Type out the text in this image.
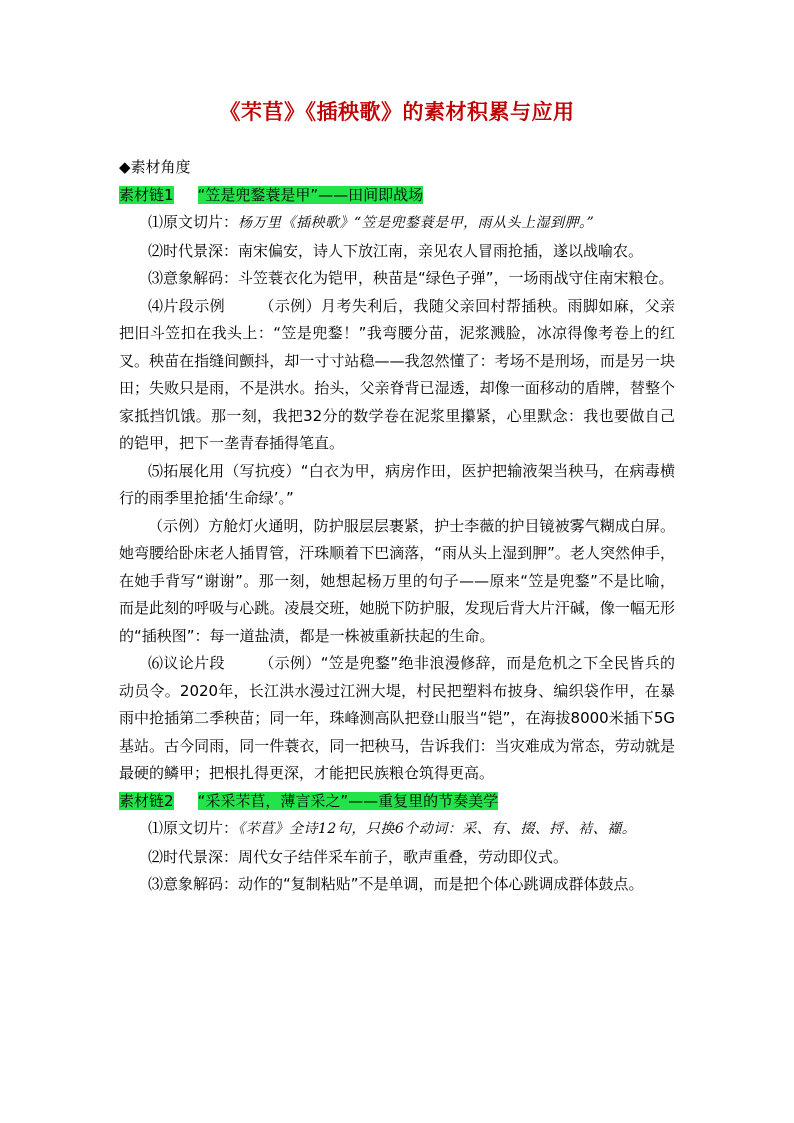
《芣苢》《插秧歌》的素材积累与应用
◆素材角度
素材链1 “笠是兜鍪蓑是甲”——田间即战场

⑴原文切片：杨万里《插秧歌》“笠是兜鍪蓑是甲，雨从头上湿到胛。”

⑵时代景深：南宋偏安，诗人下放江南，亲见农人冒雨抢插，遂以战喻农。

⑶意象解码：斗笠蓑衣化为铠甲，秧苗是“绿色子弹”，一场雨战守住南宋粮仓。

⑷片段示例 （示例）月考失利后，我随父亲回村帮插秧。雨脚如麻，父亲把旧斗笠扣在我头上：“笠是兜鍪！”我弯腰分苗，泥浆溅脸，冰凉得像考卷上的红叉。秧苗在指缝间颤抖，却一寸寸站稳——我忽然懂了：考场不是刑场，而是另一块田；失败只是雨，不是洪水。抬头，父亲脊背已湿透，却像一面移动的盾牌，替整个家抵挡饥饿。那一刻，我把32分的数学卷在泥浆里攥紧，心里默念：我也要做自己的铠甲，把下一垄青春插得笔直。

⑸拓展化用（写抗疫）“白衣为甲，病房作田，医护把输液架当秧马，在病毒横行的雨季里抢插‘生命绿’。”

（示例）方舱灯火通明，防护服层层裹紧，护士李薇的护目镜被雾气糊成白屏。她弯腰给卧床老人插胃管，汗珠顺着下巴滴落，“雨从头上湿到胛”。老人突然伸手，在她手背写“谢谢”。那一刻，她想起杨万里的句子——原来“笠是兜鍪”不是比喻，而是此刻的呼吸与心跳。凌晨交班，她脱下防护服，发现后背大片汗碱，像一幅无形的“插秧图”：每一道盐渍，都是一株被重新扶起的生命。

⑹议论片段 （示例）“笠是兜鍪”绝非浪漫修辞，而是危机之下全民皆兵的动员令。2020年，长江洪水漫过江洲大堤，村民把塑料布披身、编织袋作甲，在暴雨中抢插第二季秧苗；同一年，珠峰测高队把登山服当“铠”，在海拔8000米插下5G基站。古今同雨，同一件蓑衣，同一把秧马，告诉我们：当灾难成为常态，劳动就是最硬的鳞甲；把根扎得更深，才能把民族粮仓筑得更高。

素材链2 “采采芣苢，薄言采之”——重复里的节奏美学

⑴原文切片：《芣苢》全诗12句，只换6个动词：采、有、掇、捋、袺、襭。

⑵时代景深：周代女子结伴采车前子，歌声重叠，劳动即仪式。

⑶意象解码：动作的“复制粘贴”不是单调，而是把个体心跳调成群体鼓点。
